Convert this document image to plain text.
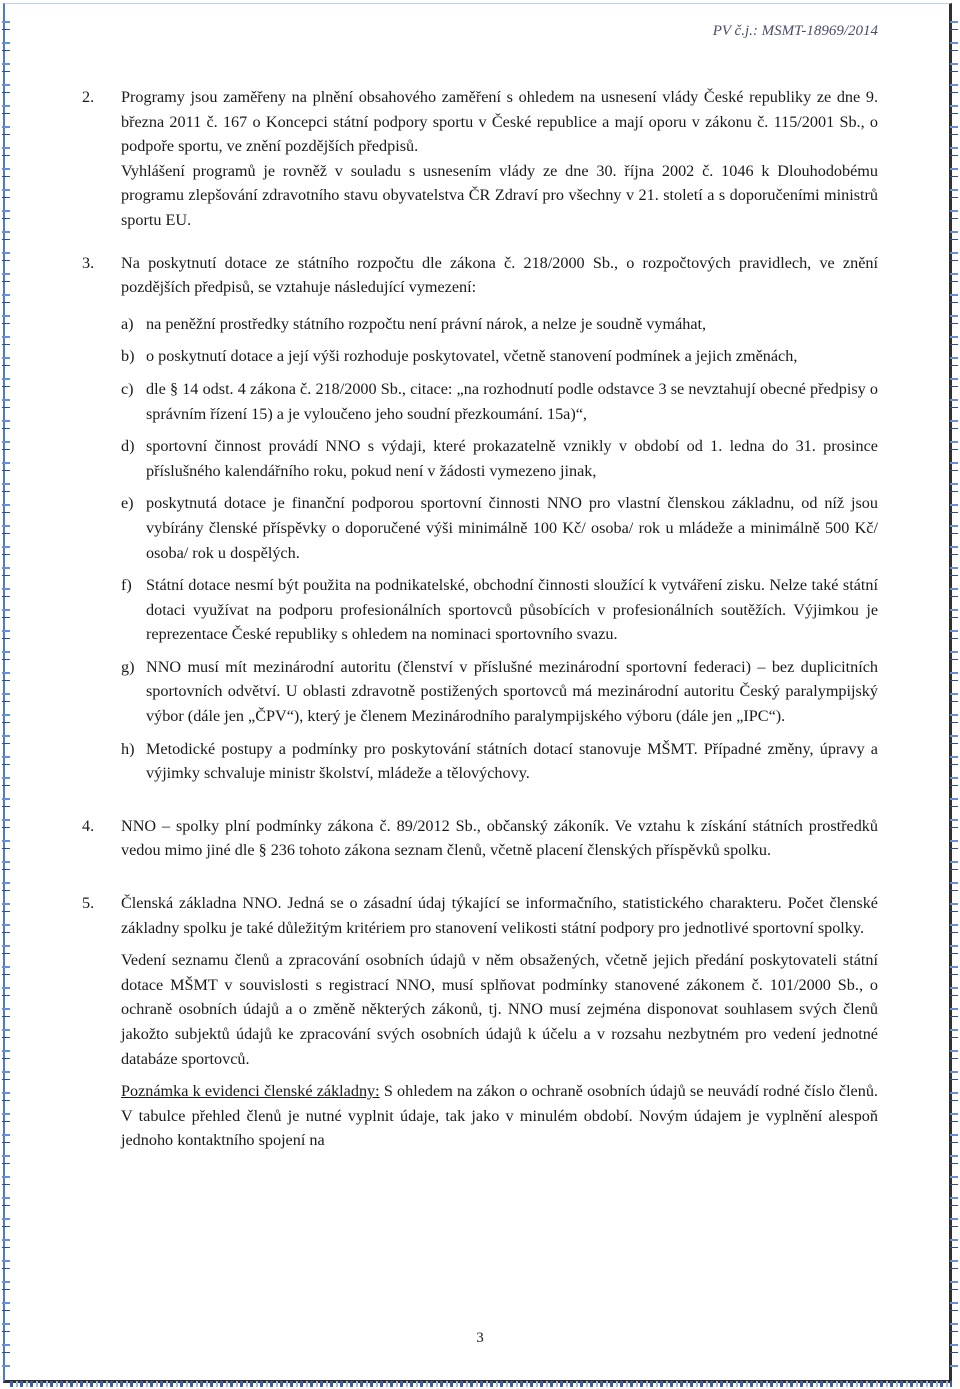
PV č.j.: MSMT-18969/2014
2. Programy jsou zaměřeny na plnění obsahového zaměření s ohledem na usnesení vlády České republiky ze dne 9. března 2011 č. 167 o Koncepci státní podpory sportu v České republice a mají oporu v zákonu č. 115/2001 Sb., o podpoře sportu, ve znění pozdějších předpisů.

Vyhlášení programů je rovněž v souladu s usnesením vlády ze dne 30. října 2002 č. 1046 k Dlouhodobému programu zlepšování zdravotního stavu obyvatelstva ČR Zdraví pro všechny v 21. století a s doporučeními ministrů sportu EU.

3. Na poskytnutí dotace ze státního rozpočtu dle zákona č. 218/2000 Sb., o rozpočtových pravidlech, ve znění pozdějších předpisů, se vztahuje následující vymezení:

a) na peněžní prostředky státního rozpočtu není právní nárok, a nelze je soudně vymáhat,

b) o poskytnutí dotace a její výši rozhoduje poskytovatel, včetně stanovení podmínek a jejich změnách,

c) dle § 14 odst. 4 zákona č. 218/2000 Sb., citace: „na rozhodnutí podle odstavce 3 se nevztahují obecné předpisy o správním řízení 15) a je vyloučeno jeho soudní přezkoumání. 15a)“,

d) sportovní činnost provádí NNO s výdaji, které prokazatelně vznikly v období od 1. ledna do 31. prosince příslušného kalendářního roku, pokud není v žádosti vymezeno jinak,

e) poskytnutá dotace je finanční podporou sportovní činnosti NNO pro vlastní členskou základnu, od níž jsou vybírány členské příspěvky o doporučené výši minimálně 100 Kč/ osoba/ rok u mládeže a minimálně 500 Kč/ osoba/ rok u dospělých.

f) Státní dotace nesmí být použita na podnikatelské, obchodní činnosti sloužící k vytváření zisku. Nelze také státní dotaci využívat na podporu profesionálních sportovců působících v profesionálních soutěžích. Výjimkou je reprezentace České republiky s ohledem na nominaci sportovního svazu.

g) NNO musí mít mezinárodní autoritu (členství v příslušné mezinárodní sportovní federaci) – bez duplicitních sportovních odvětví. U oblasti zdravotně postižených sportovců má mezinárodní autoritu Český paralympijský výbor (dále jen „ČPV“), který je členem Mezinárodního paralympijského výboru (dále jen „IPC“).

h) Metodické postupy a podmínky pro poskytování státních dotací stanovuje MŠMT. Případné změny, úpravy a výjimky schvaluje ministr školství, mládeže a tělovýchovy.

4. NNO – spolky plní podmínky zákona č. 89/2012 Sb., občanský zákoník. Ve vztahu k získání státních prostředků vedou mimo jiné dle § 236 tohoto zákona seznam členů, včetně placení členských příspěvků spolku.

5. Členská základna NNO. Jedná se o zásadní údaj týkající se informačního, statistického charakteru. Počet členské základny spolku je také důležitým kritériem pro stanovení velikosti státní podpory pro jednotlivé sportovní spolky.

Vedení seznamu členů a zpracování osobních údajů v něm obsažených, včetně jejich předání poskytovateli státní dotace MŠMT v souvislosti s registrací NNO, musí splňovat podmínky stanovené zákonem č. 101/2000 Sb., o ochraně osobních údajů a o změně některých zákonů, tj. NNO musí zejména disponovat souhlasem svých členů jakožto subjektů údajů ke zpracování svých osobních údajů k účelu a v rozsahu nezbytném pro vedení jednotné databáze sportovců.

Poznámka k evidenci členské základny: S ohledem na zákon o ochraně osobních údajů se neuvádí rodné číslo členů. V tabulce přehled členů je nutné vyplnit údaje, tak jako v minulém období. Novým údajem je vyplnění alespoň jednoho kontaktního spojení na

3
